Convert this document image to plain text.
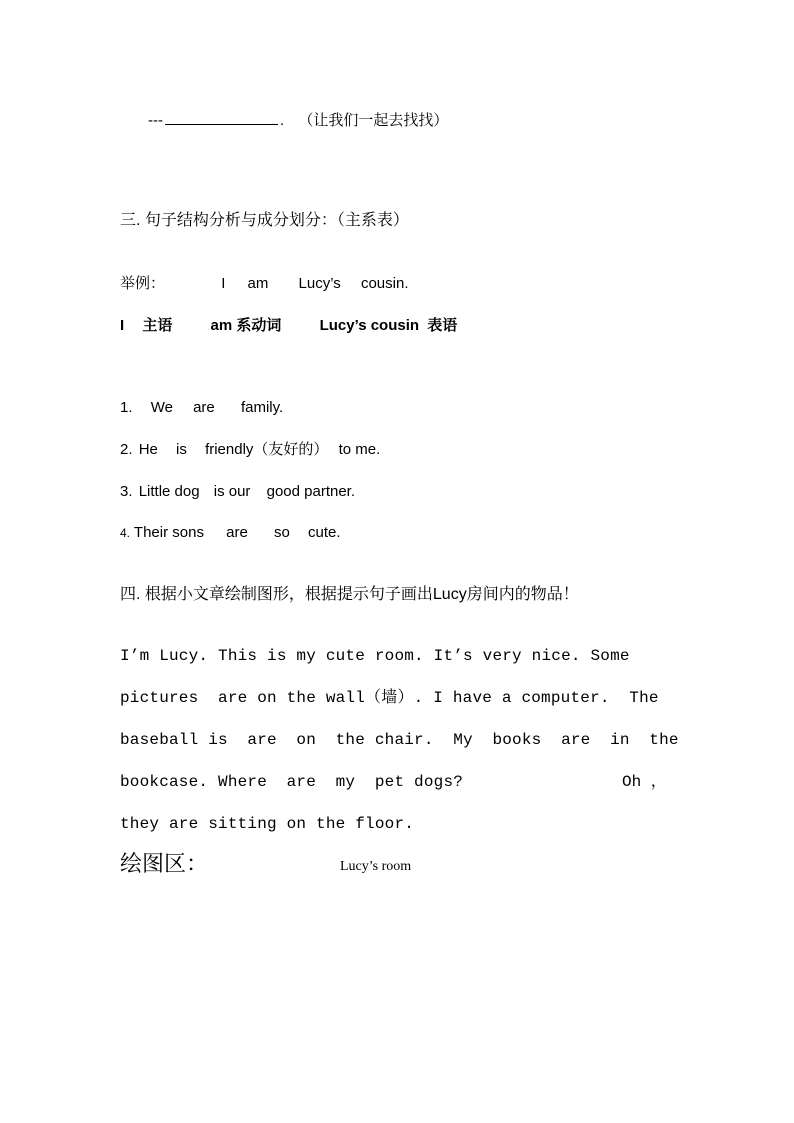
---	. （让我们一起去找找）
三. 句子结构分析与成分划分：（主系表）
举例：	I am Lucy’s cousin.
I 主语	am 系动词	Lucy’s cousin 表语
1. We are family.
2. He is friendly（友好的） to me.
3. Little dog is our good partner.
4. Their sons are so cute.
四. 根据小文章绘制图形，根据提示句子画出Lucy房间内的物品！
I’m Lucy. This is my cute room. It’s very nice. Some
pictures  are on the wall（墙）. I have a computer.  The
baseball is  are  on  the chair.  My  books  are  in  the
bookcase. Where  are  my  pet dogs?	Oh ，
they are sitting on the floor.
绘图区：	Lucy’s room
